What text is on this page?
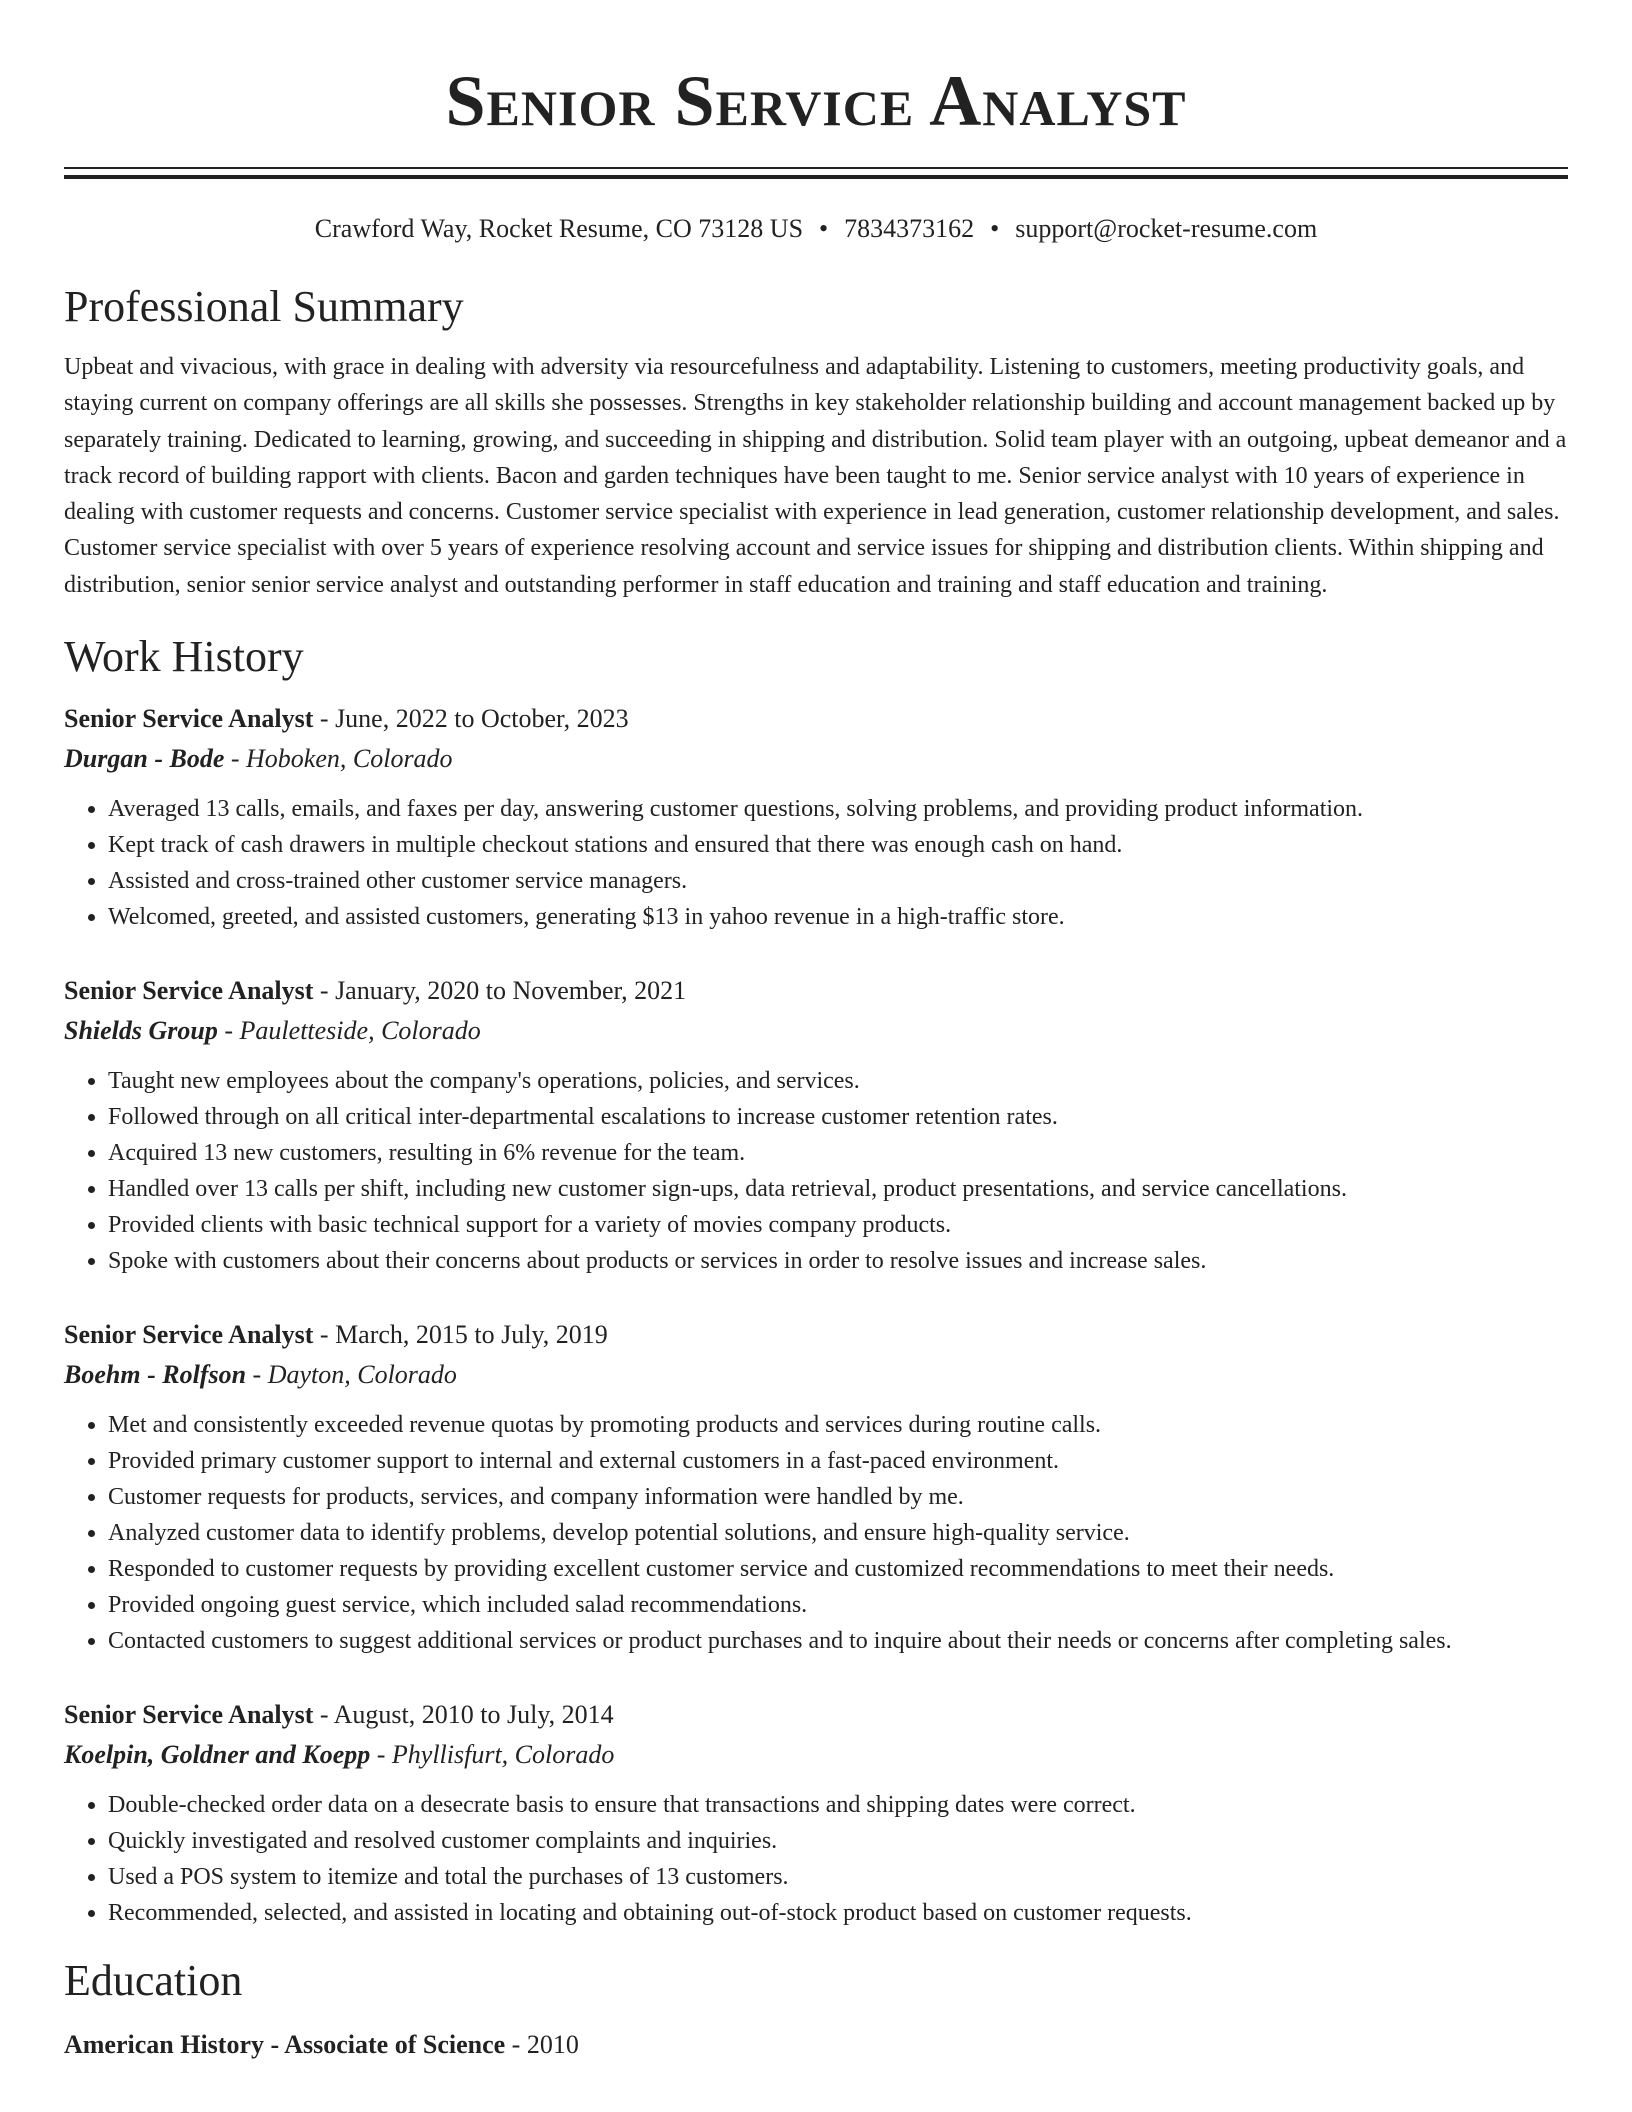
Senior Service Analyst
Crawford Way, Rocket Resume, CO 73128 US • 7834373162 • support@rocket-resume.com
Professional Summary

Upbeat and vivacious, with grace in dealing with adversity via resourcefulness and adaptability. Listening to customers, meeting productivity goals, and staying current on company offerings are all skills she possesses. Strengths in key stakeholder relationship building and account management backed up by separately training. Dedicated to learning, growing, and succeeding in shipping and distribution. Solid team player with an outgoing, upbeat demeanor and a track record of building rapport with clients. Bacon and garden techniques have been taught to me. Senior service analyst with 10 years of experience in dealing with customer requests and concerns. Customer service specialist with experience in lead generation, customer relationship development, and sales. Customer service specialist with over 5 years of experience resolving account and service issues for shipping and distribution clients. Within shipping and distribution, senior senior service analyst and outstanding performer in staff education and training and staff education and training.

Work History
Senior Service Analyst - June, 2022 to October, 2023
Durgan - Bode - Hoboken, Colorado
• Averaged 13 calls, emails, and faxes per day, answering customer questions, solving problems, and providing product information.
• Kept track of cash drawers in multiple checkout stations and ensured that there was enough cash on hand.
• Assisted and cross-trained other customer service managers.
• Welcomed, greeted, and assisted customers, generating $13 in yahoo revenue in a high-traffic store.
Senior Service Analyst - January, 2020 to November, 2021
Shields Group - Pauletteside, Colorado
• Taught new employees about the company's operations, policies, and services.
• Followed through on all critical inter-departmental escalations to increase customer retention rates.
• Acquired 13 new customers, resulting in 6% revenue for the team.
• Handled over 13 calls per shift, including new customer sign-ups, data retrieval, product presentations, and service cancellations.
• Provided clients with basic technical support for a variety of movies company products.
• Spoke with customers about their concerns about products or services in order to resolve issues and increase sales.
Senior Service Analyst - March, 2015 to July, 2019
Boehm - Rolfson - Dayton, Colorado
• Met and consistently exceeded revenue quotas by promoting products and services during routine calls.
• Provided primary customer support to internal and external customers in a fast-paced environment.
• Customer requests for products, services, and company information were handled by me.
• Analyzed customer data to identify problems, develop potential solutions, and ensure high-quality service.
• Responded to customer requests by providing excellent customer service and customized recommendations to meet their needs.
• Provided ongoing guest service, which included salad recommendations.
• Contacted customers to suggest additional services or product purchases and to inquire about their needs or concerns after completing sales.
Senior Service Analyst - August, 2010 to July, 2014
Koelpin, Goldner and Koepp - Phyllisfurt, Colorado
• Double-checked order data on a desecrate basis to ensure that transactions and shipping dates were correct.
• Quickly investigated and resolved customer complaints and inquiries.
• Used a POS system to itemize and total the purchases of 13 customers.
• Recommended, selected, and assisted in locating and obtaining out-of-stock product based on customer requests.
Education
American History - Associate of Science - 2010
